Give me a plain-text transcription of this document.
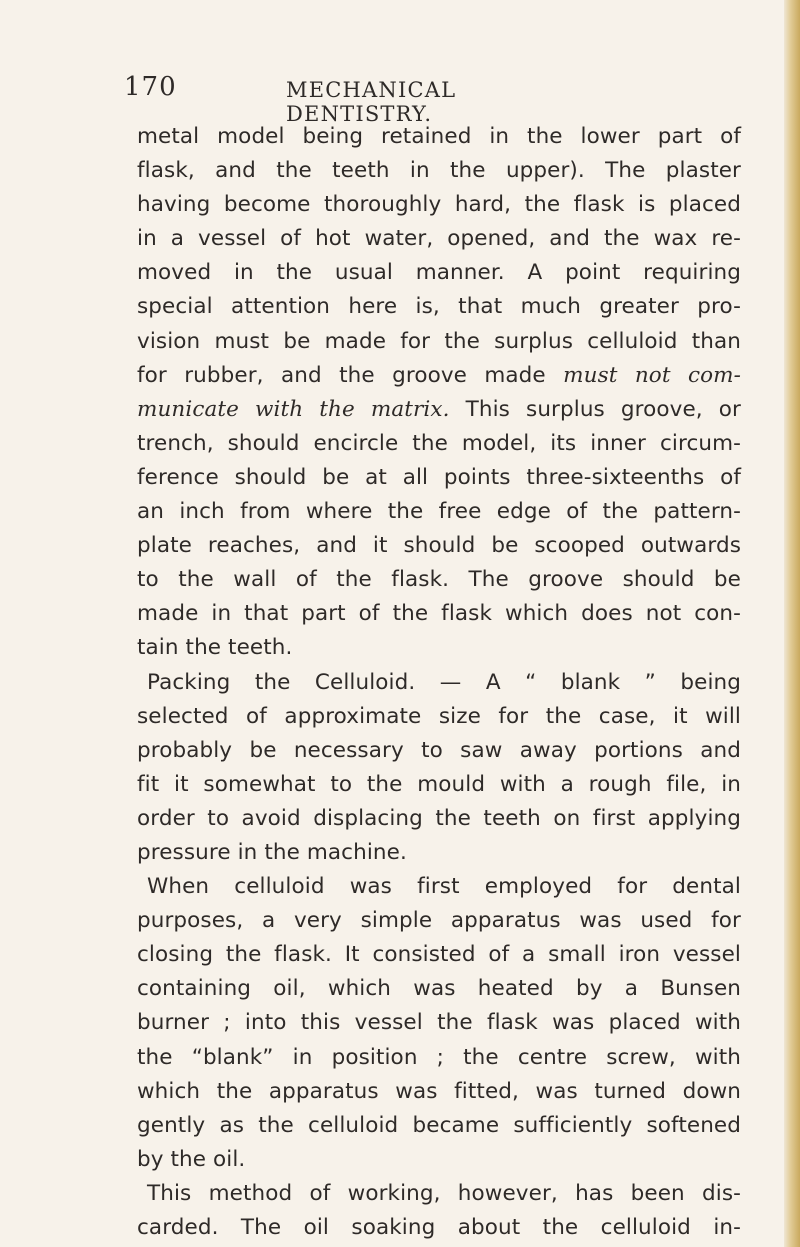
170	MECHANICAL DENTISTRY.
metal model being retained in the lower part of
flask, and the teeth in the upper). The plaster
having become thoroughly hard, the flask is placed
in a vessel of hot water, opened, and the wax re-
moved in the usual manner. A point requiring
special attention here is, that much greater pro-
vision must be made for the surplus celluloid than
for rubber, and the groove made must not com-
municate with the matrix. This surplus groove, or
trench, should encircle the model, its inner circum-
ference should be at all points three-sixteenths of
an inch from where the free edge of the pattern-
plate reaches, and it should be scooped outwards
to the wall of the flask. The groove should be
made in that part of the flask which does not con-
tain the teeth.
Packing the Celluloid. — A “ blank ” being
selected of approximate size for the case, it will
probably be necessary to saw away portions and
fit it somewhat to the mould with a rough file, in
order to avoid displacing the teeth on first applying
pressure in the machine.
When celluloid was first employed for dental
purposes, a very simple apparatus was used for
closing the flask. It consisted of a small iron vessel
containing oil, which was heated by a Bunsen
burner ; into this vessel the flask was placed with
the “blank” in position ; the centre screw, with
which the apparatus was fitted, was turned down
gently as the celluloid became sufficiently softened
by the oil.
This method of working, however, has been dis-
carded. The oil soaking about the celluloid in-
